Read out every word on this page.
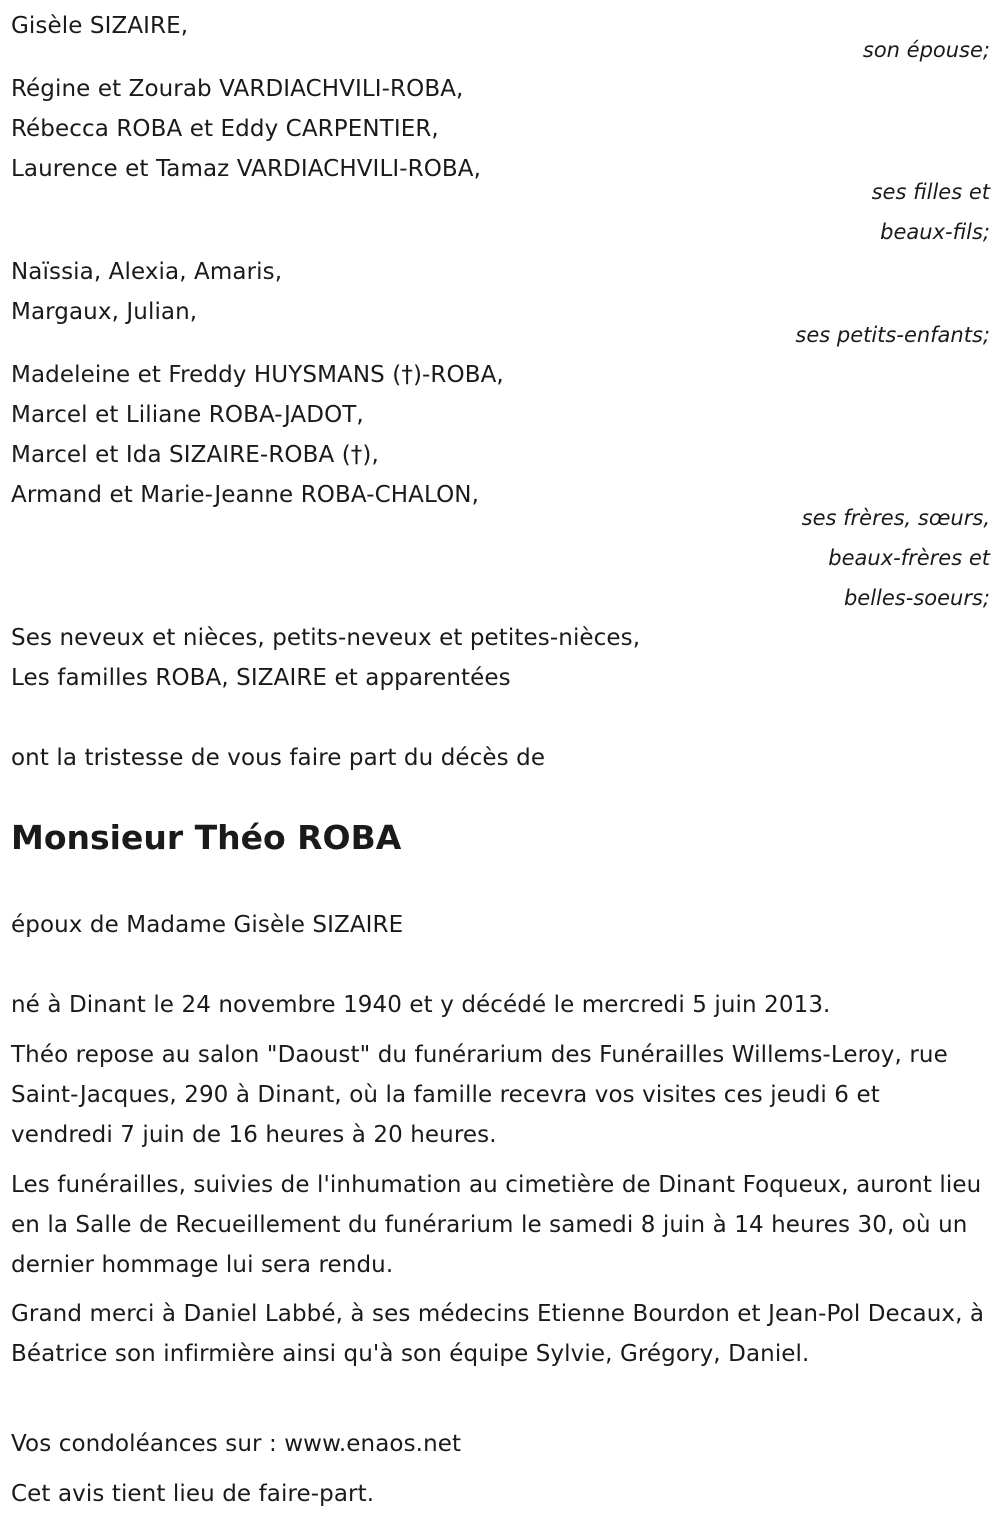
Gisèle SIZAIRE,
son épouse;
Régine et Zourab VARDIACHVILI-ROBA,
Rébecca ROBA et Eddy CARPENTIER,
Laurence et Tamaz VARDIACHVILI-ROBA,
ses filles et
beaux-fils;
Naïssia, Alexia, Amaris,
Margaux, Julian,
ses petits-enfants;
Madeleine et Freddy HUYSMANS (†)-ROBA,
Marcel et Liliane ROBA-JADOT,
Marcel et Ida SIZAIRE-ROBA (†),
Armand et Marie-Jeanne ROBA-CHALON,
ses frères, sœurs,
beaux-frères et
belles-soeurs;
Ses neveux et nièces, petits-neveux et petites-nièces,
Les familles ROBA, SIZAIRE et apparentées
ont la tristesse de vous faire part du décès de
Monsieur Théo ROBA
époux de Madame Gisèle SIZAIRE
né à Dinant le 24 novembre 1940 et y décédé le mercredi 5 juin 2013.
Théo repose au salon "Daoust" du funérarium des Funérailles Willems-Leroy, rue Saint-Jacques, 290 à Dinant, où la famille recevra vos visites ces jeudi 6 et vendredi 7 juin de 16 heures à 20 heures.
Les funérailles, suivies de l'inhumation au cimetière de Dinant Foqueux, auront lieu en la Salle de Recueillement du funérarium le samedi 8 juin à 14 heures 30, où un dernier hommage lui sera rendu.
Grand merci à Daniel Labbé, à ses médecins Etienne Bourdon et Jean-Pol Decaux, à Béatrice son infirmière ainsi qu'à son équipe Sylvie, Grégory, Daniel.
Vos condoléances sur : www.enaos.net
Cet avis tient lieu de faire-part.
